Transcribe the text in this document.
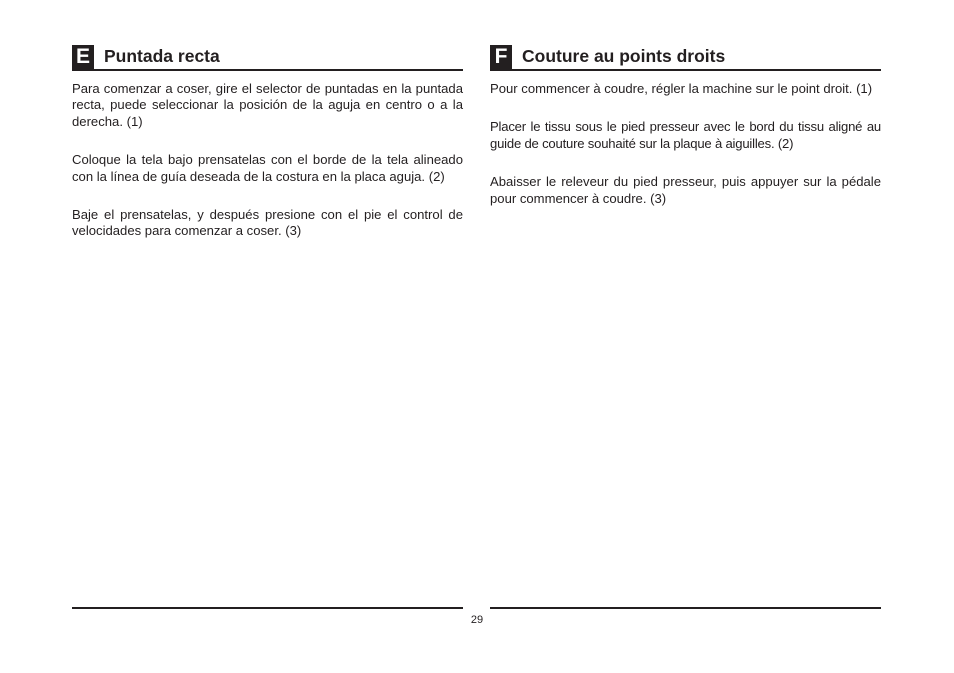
E Puntada recta

Para comenzar a coser, gire el selector de puntadas en la puntada recta, puede seleccionar la posición de la aguja en centro o a la derecha. (1)

Coloque la tela bajo prensatelas con el borde de la tela alineado con la línea de guía deseada de la costura en la placa aguja. (2)

Baje el prensatelas, y después presione con el pie el control de velocidades para comenzar a coser. (3)

F Couture au points droits

Pour commencer à coudre, régler la machine sur le point droit. (1)

Placer le tissu sous le pied presseur avec le bord du tissu aligné au guide de couture souhaité sur la plaque à aiguilles. (2)

Abaisser le releveur du pied presseur, puis appuyer sur la pédale pour commencer à coudre. (3)

29
